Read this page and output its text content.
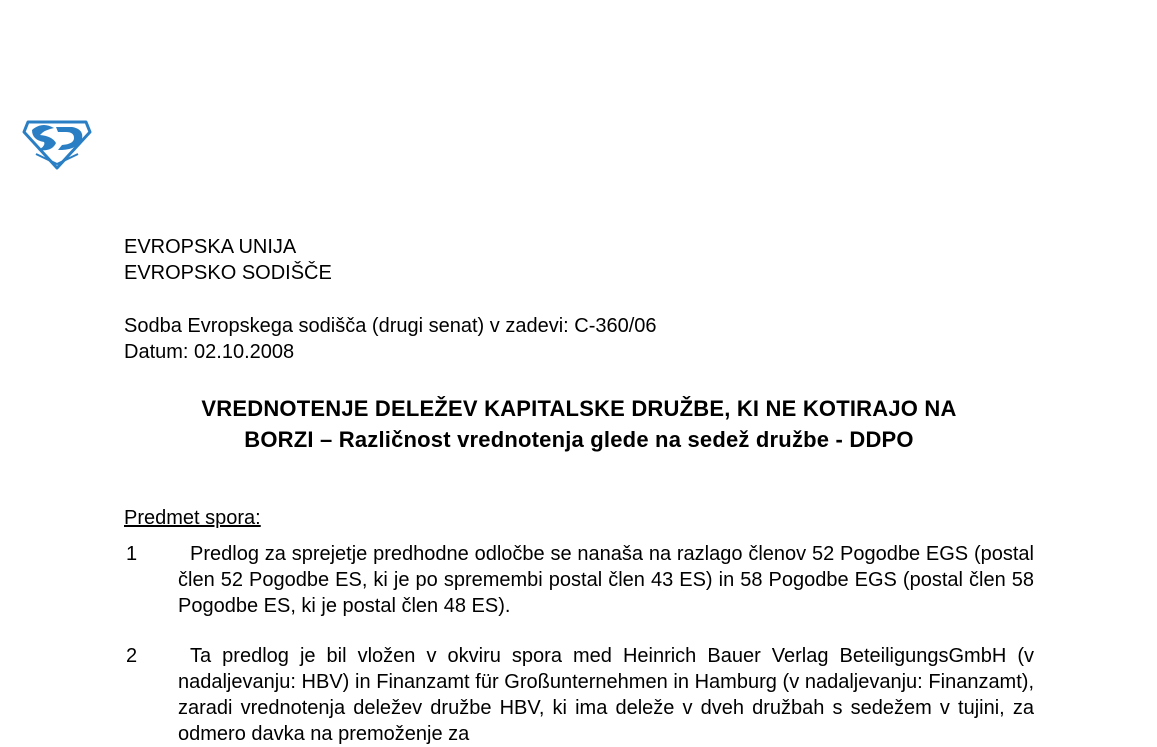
EVROPSKA UNIJA
EVROPSKO SODIŠČE
Sodba Evropskega sodišča (drugi senat) v zadevi: C-360/06
Datum: 02.10.2008
VREDNOTENJE DELEŽEV KAPITALSKE DRUŽBE, KI NE KOTIRAJO NA
BORZI – Različnost vrednotenja glede na sedež družbe - DDPO
Predmet spora:
1	Predlog za sprejetje predhodne odločbe se nanaša na razlago členov 52 Pogodbe EGS (postal člen 52 Pogodbe ES, ki je po spremembi postal člen 43 ES) in 58 Pogodbe EGS (postal člen 58 Pogodbe ES, ki je postal člen 48 ES).
2	Ta predlog je bil vložen v okviru spora med Heinrich Bauer Verlag BeteiligungsGmbH (v nadaljevanju: HBV) in Finanzamt für Großunternehmen in Hamburg (v nadaljevanju: Finanzamt), zaradi vrednotenja deležev družbe HBV, ki ima deleže v dveh družbah s sedežem v tujini, za odmero davka na premoženje za
